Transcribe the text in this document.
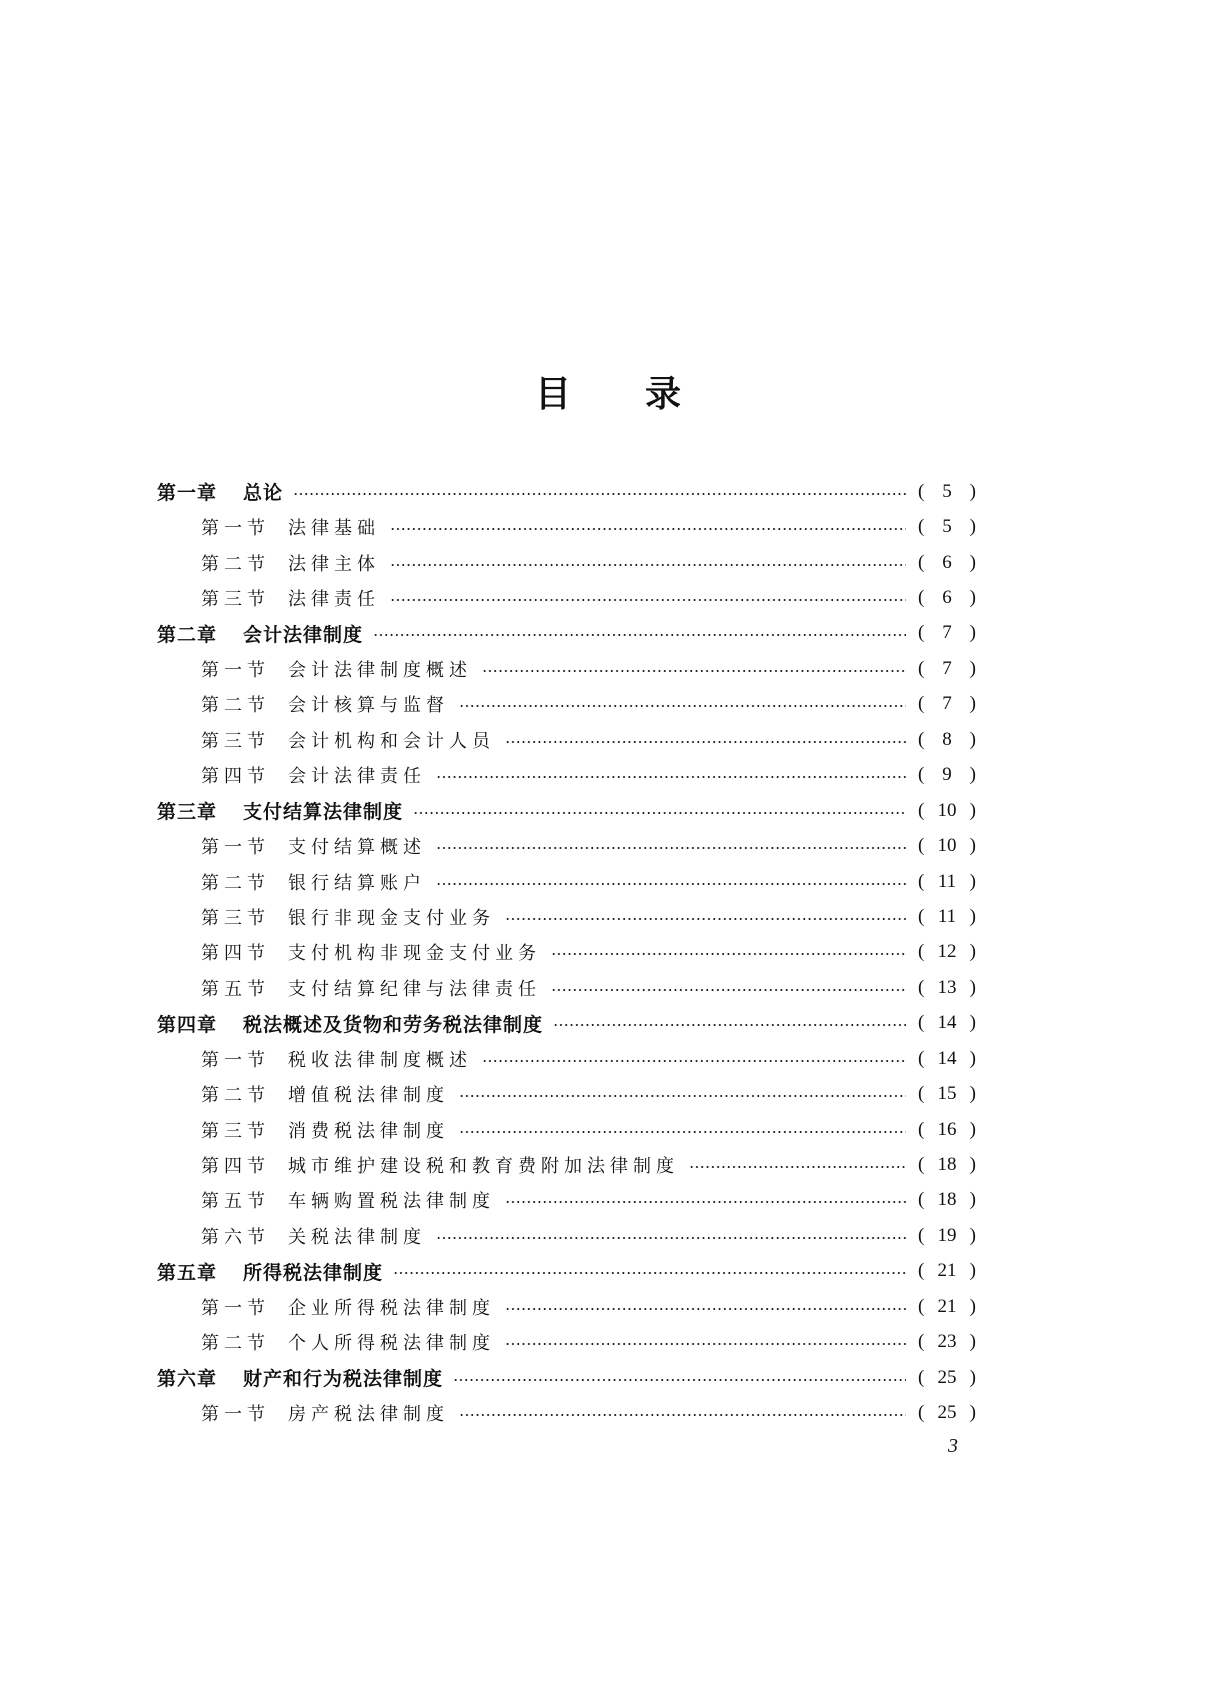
目 录
第一章	总论	( 5 )
第一节	法律基础	( 5 )
第二节	法律主体	( 6 )
第三节	法律责任	( 6 )
第二章	会计法律制度	( 7 )
第一节	会计法律制度概述	( 7 )
第二节	会计核算与监督	( 7 )
第三节	会计机构和会计人员	( 8 )
第四节	会计法律责任	( 9 )
第三章	支付结算法律制度	( 10 )
第一节	支付结算概述	( 10 )
第二节	银行结算账户	( 11 )
第三节	银行非现金支付业务	( 11 )
第四节	支付机构非现金支付业务	( 12 )
第五节	支付结算纪律与法律责任	( 13 )
第四章	税法概述及货物和劳务税法律制度	( 14 )
第一节	税收法律制度概述	( 14 )
第二节	增值税法律制度	( 15 )
第三节	消费税法律制度	( 16 )
第四节	城市维护建设税和教育费附加法律制度	( 18 )
第五节	车辆购置税法律制度	( 18 )
第六节	关税法律制度	( 19 )
第五章	所得税法律制度	( 21 )
第一节	企业所得税法律制度	( 21 )
第二节	个人所得税法律制度	( 23 )
第六章	财产和行为税法律制度	( 25 )
第一节	房产税法律制度	( 25 )
3
